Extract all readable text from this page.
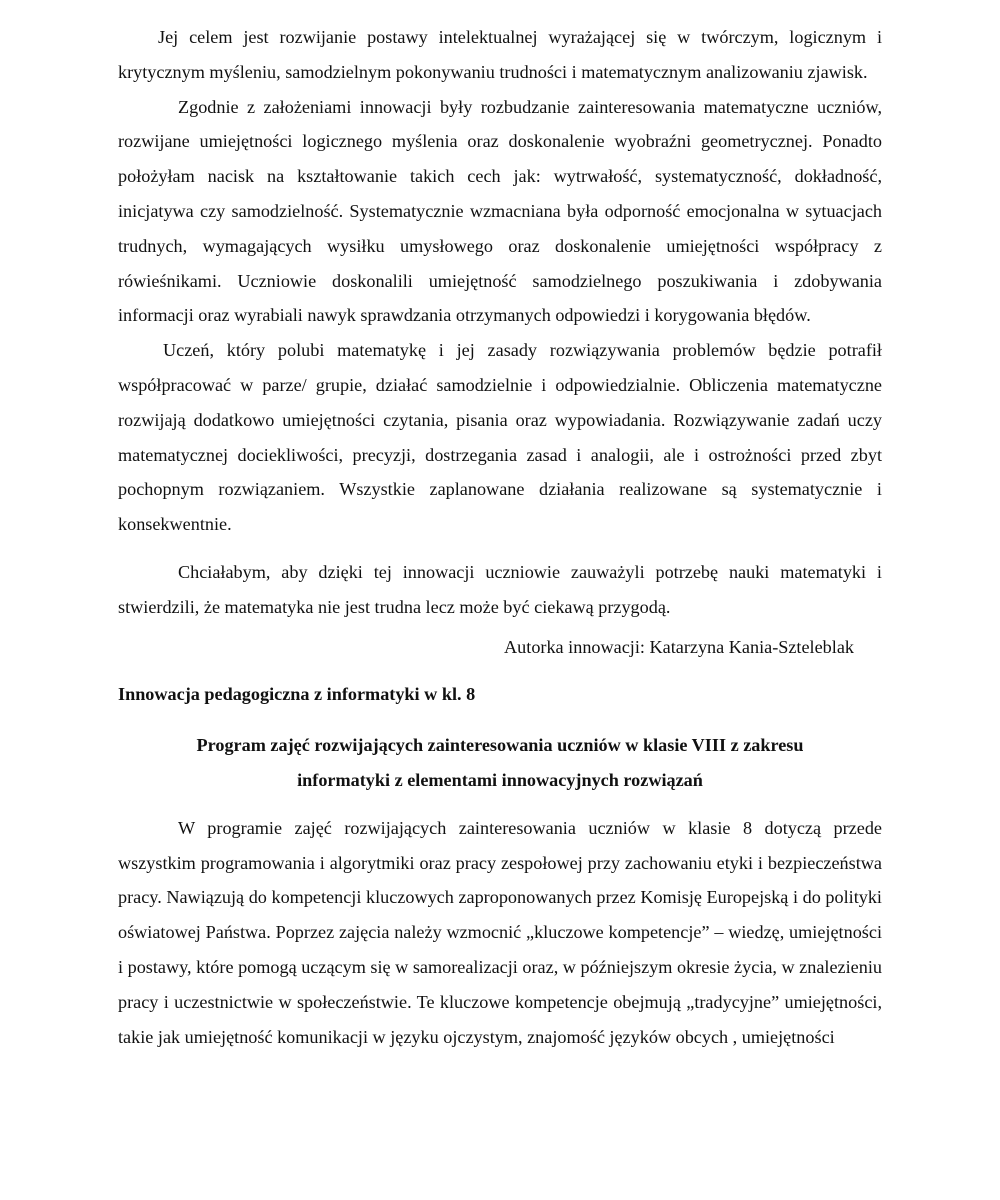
Jej celem jest rozwijanie postawy intelektualnej wyrażającej się w twórczym, logicznym i krytycznym myśleniu, samodzielnym pokonywaniu trudności i matematycznym analizowaniu zjawisk.

Zgodnie z założeniami innowacji były rozbudzanie zainteresowania matematyczne uczniów, rozwijane umiejętności logicznego myślenia oraz doskonalenie wyobraźni geometrycznej. Ponadto położyłam nacisk na kształtowanie takich cech jak: wytrwałość, systematyczność, dokładność, inicjatywa czy samodzielność. Systematycznie wzmacniana była odporność emocjonalna w sytuacjach trudnych, wymagających wysiłku umysłowego oraz doskonalenie umiejętności współpracy z rówieśnikami. Uczniowie doskonalili umiejętność samodzielnego poszukiwania i zdobywania informacji oraz wyrabiali nawyk sprawdzania otrzymanych odpowiedzi i korygowania błędów.

Uczeń, który polubi matematykę i jej zasady rozwiązywania problemów będzie potrafił współpracować w parze/ grupie, działać samodzielnie i odpowiedzialnie. Obliczenia matematyczne rozwijają dodatkowo umiejętności czytania, pisania oraz wypowiadania. Rozwiązywanie zadań uczy matematycznej dociekliwości, precyzji, dostrzegania zasad i analogii, ale i ostrożności przed zbyt pochopnym rozwiązaniem. Wszystkie zaplanowane działania realizowane są systematycznie i konsekwentnie.

Chciałabym, aby dzięki tej innowacji uczniowie zauważyli potrzebę nauki matematyki i stwierdzili, że matematyka nie jest trudna lecz może być ciekawą przygodą.

Autorka innowacji: Katarzyna Kania-Szteleblak

Innowacja pedagogiczna z informatyki w kl. 8

Program zajęć rozwijających zainteresowania uczniów w klasie VIII z zakresu
informatyki z elementami innowacyjnych rozwiązań

W programie zajęć rozwijających zainteresowania uczniów w klasie 8 dotyczą przede wszystkim programowania i algorytmiki oraz pracy zespołowej przy zachowaniu etyki i bezpieczeństwa pracy. Nawiązują do kompetencji kluczowych zaproponowanych przez Komisję Europejską i do polityki oświatowej Państwa. Poprzez zajęcia należy wzmocnić „kluczowe kompetencje” – wiedzę, umiejętności i postawy, które pomogą uczącym się w samorealizacji oraz, w późniejszym okresie życia, w znalezieniu pracy i uczestnictwie w społeczeństwie. Te kluczowe kompetencje obejmują „tradycyjne” umiejętności, takie jak umiejętność komunikacji w języku ojczystym, znajomość języków obcych , umiejętności
